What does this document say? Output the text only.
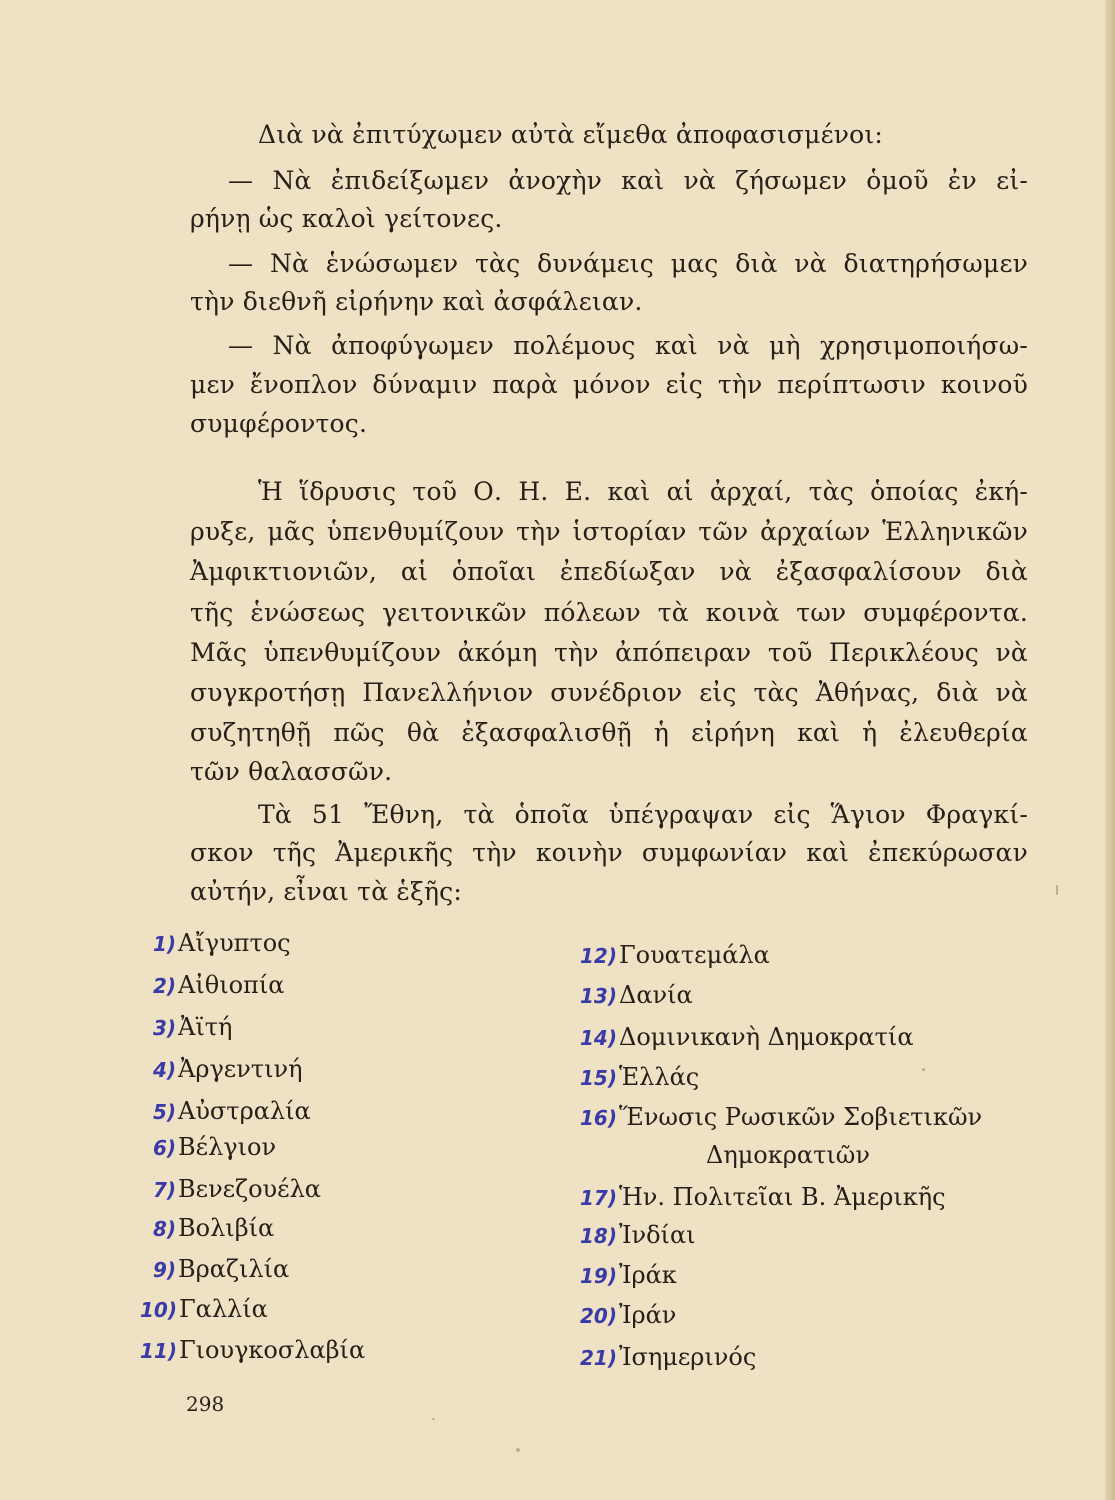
Διὰ νὰ ἐπιτύχωμεν αὐτὰ εἴμεθα ἀποφασισμένοι:
— Νὰ ἐπιδείξωμεν ἀνοχὴν καὶ νὰ ζήσωμεν ὁμοῦ ἐν εἰ-
ρήνῃ ὡς καλοὶ γείτονες.
— Νὰ ἑνώσωμεν τὰς δυνάμεις μας διὰ νὰ διατηρήσωμεν
τὴν διεθνῆ εἰρήνην καὶ ἀσφάλειαν.
— Νὰ ἀποφύγωμεν πολέμους καὶ νὰ μὴ χρησιμοποιήσω-
μεν ἔνοπλον δύναμιν παρὰ μόνον εἰς τὴν περίπτωσιν κοινοῦ
συμφέροντος.
Ἡ ἵδρυσις τοῦ Ο. Η. Ε. καὶ αἱ ἀρχαί, τὰς ὁποίας ἐκή-
ρυξε, μᾶς ὑπενθυμίζουν τὴν ἱστορίαν τῶν ἀρχαίων Ἑλληνικῶν
Ἀμφικτιονιῶν, αἱ ὁποῖαι ἐπεδίωξαν νὰ ἐξασφαλίσουν διὰ
τῆς ἑνώσεως γειτονικῶν πόλεων τὰ κοινὰ των συμφέροντα.
Μᾶς ὑπενθυμίζουν ἀκόμη τὴν ἀπόπειραν τοῦ Περικλέους νὰ
συγκροτήσῃ Πανελλήνιον συνέδριον εἰς τὰς Ἀθήνας, διὰ νὰ
συζητηθῇ πῶς θὰ ἐξασφαλισθῇ ἡ εἰρήνη καὶ ἡ ἐλευθερία
τῶν θαλασσῶν.
Τὰ 51 Ἔθνη, τὰ ὁποῖα ὑπέγραψαν εἰς Ἅγιον Φραγκί-
σκον τῆς Ἀμερικῆς τὴν κοινὴν συμφωνίαν καὶ ἐπεκύρωσαν
αὐτήν, εἶναι τὰ ἑξῆς:
1)Αἴγυπτος
2)Αἰθιοπία
3)Ἀϊτή
4)Ἀργεντινή
5)Αὐστραλία
6)Βέλγιον
7)Βενεζουέλα
8)Βολιβία
9)Βραζιλία
10)Γαλλία
11)Γιουγκοσλαβία
12)Γουατεμάλα
13)Δανία
14)Δομινικανὴ Δημοκρατία
15)Ἑλλάς
16)Ἕνωσις Ρωσικῶν Σοβιετικῶν
Δημοκρατιῶν
17)Ἡν. Πολιτεῖαι Β. Ἀμερικῆς
18)Ἰνδίαι
19)Ἰράκ
20)Ἰράν
21)Ἰσημερινός
298
